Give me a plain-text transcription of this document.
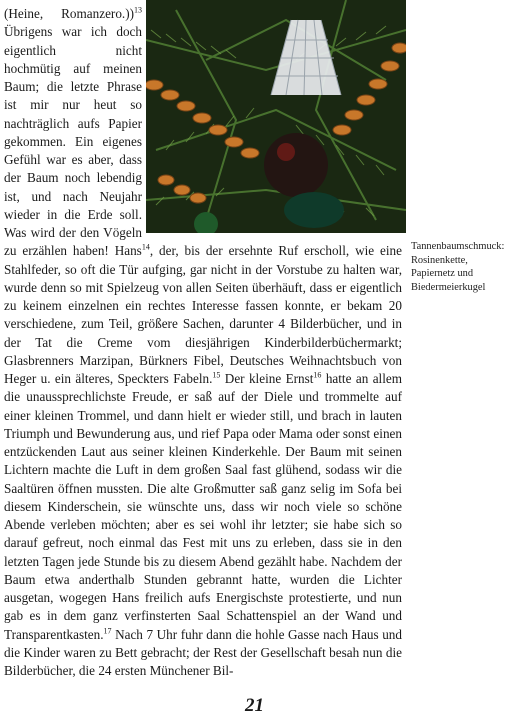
(Heine, Romanzero.))$^{13}$ Übrigens war ich doch eigentlich nicht hochmütig auf meinen Baum; die letzte Phrase ist mir nur heut so nachträglich aufs Papier gekommen. Ein eigenes Gefühl war es aber, dass der Baum noch lebendig ist, und nach Neujahr wieder in die Erde soll. Was wird der den Vögeln zu erzählen haben! Hans$^{14}$, der, bis der ersehnte Ruf erscholl, wie eine Stahlfeder, so oft die Tür aufging, gar nicht in der Vorstube zu halten war, wurde denn so mit Spielzeug von allen Seiten überhäuft, dass er eigentlich zu keinem einzelnen ein rechtes Interesse fassen konnte, er bekam 20 verschiedene, zum Teil, größere Sachen, darunter 4 Bilderbücher, und in der Tat die Creme vom diesjährigen Kinderbilderbüchermarkt; Glasbrenners Marzipan, Bürkners Fibel, Deutsches Weihnachtsbuch von Heger u. ein älteres, Speckters Fabeln.$^{15}$ Der kleine Ernst$^{16}$ hatte an allem die unaussprechlichste Freude, er saß auf der Diele und trommelte auf einer kleinen Trommel, und dann hielt er wieder still, und brach in lauten Triumph und Bewunderung aus, und rief Papa oder Mama oder sonst einen entzückenden Laut aus seiner kleinen Kinderkehle. Der Baum mit seinen Lichtern machte die Luft in dem großen Saal fast glühend, sodass wir die Saaltüren öffnen mussten. Die alte Großmutter saß ganz selig im Sofa bei diesem Kinderschein, sie wünschte uns, dass wir noch viele so schöne Abende verleben möchten; aber es sei wohl ihr letzter; sie habe sich so darauf gefreut, noch einmal das Fest mit uns zu erleben, dass sie in den letzten Tagen jede Stunde bis zu diesem Abend gezählt habe. Nachdem der Baum etwa anderthalb Stunden gebrannt hatte, wurden die Lichter ausgetan, wogegen Hans freilich aufs Energischste protestierte, und nun gab es in dem ganz verfinsterten Saal Schattenspiel an der Wand und Transparentkasten.$^{17}$ Nach 7 Uhr fuhr dann die hohle Gasse nach Haus und die Kinder waren zu Bett gebracht; der Rest der Gesellschaft besah nun die Bilderbücher, die 24 ersten Münchener Bil-

Tannenbaumschmuck: Rosinenkette, Papiernetz und Biedermeierkugel
21
